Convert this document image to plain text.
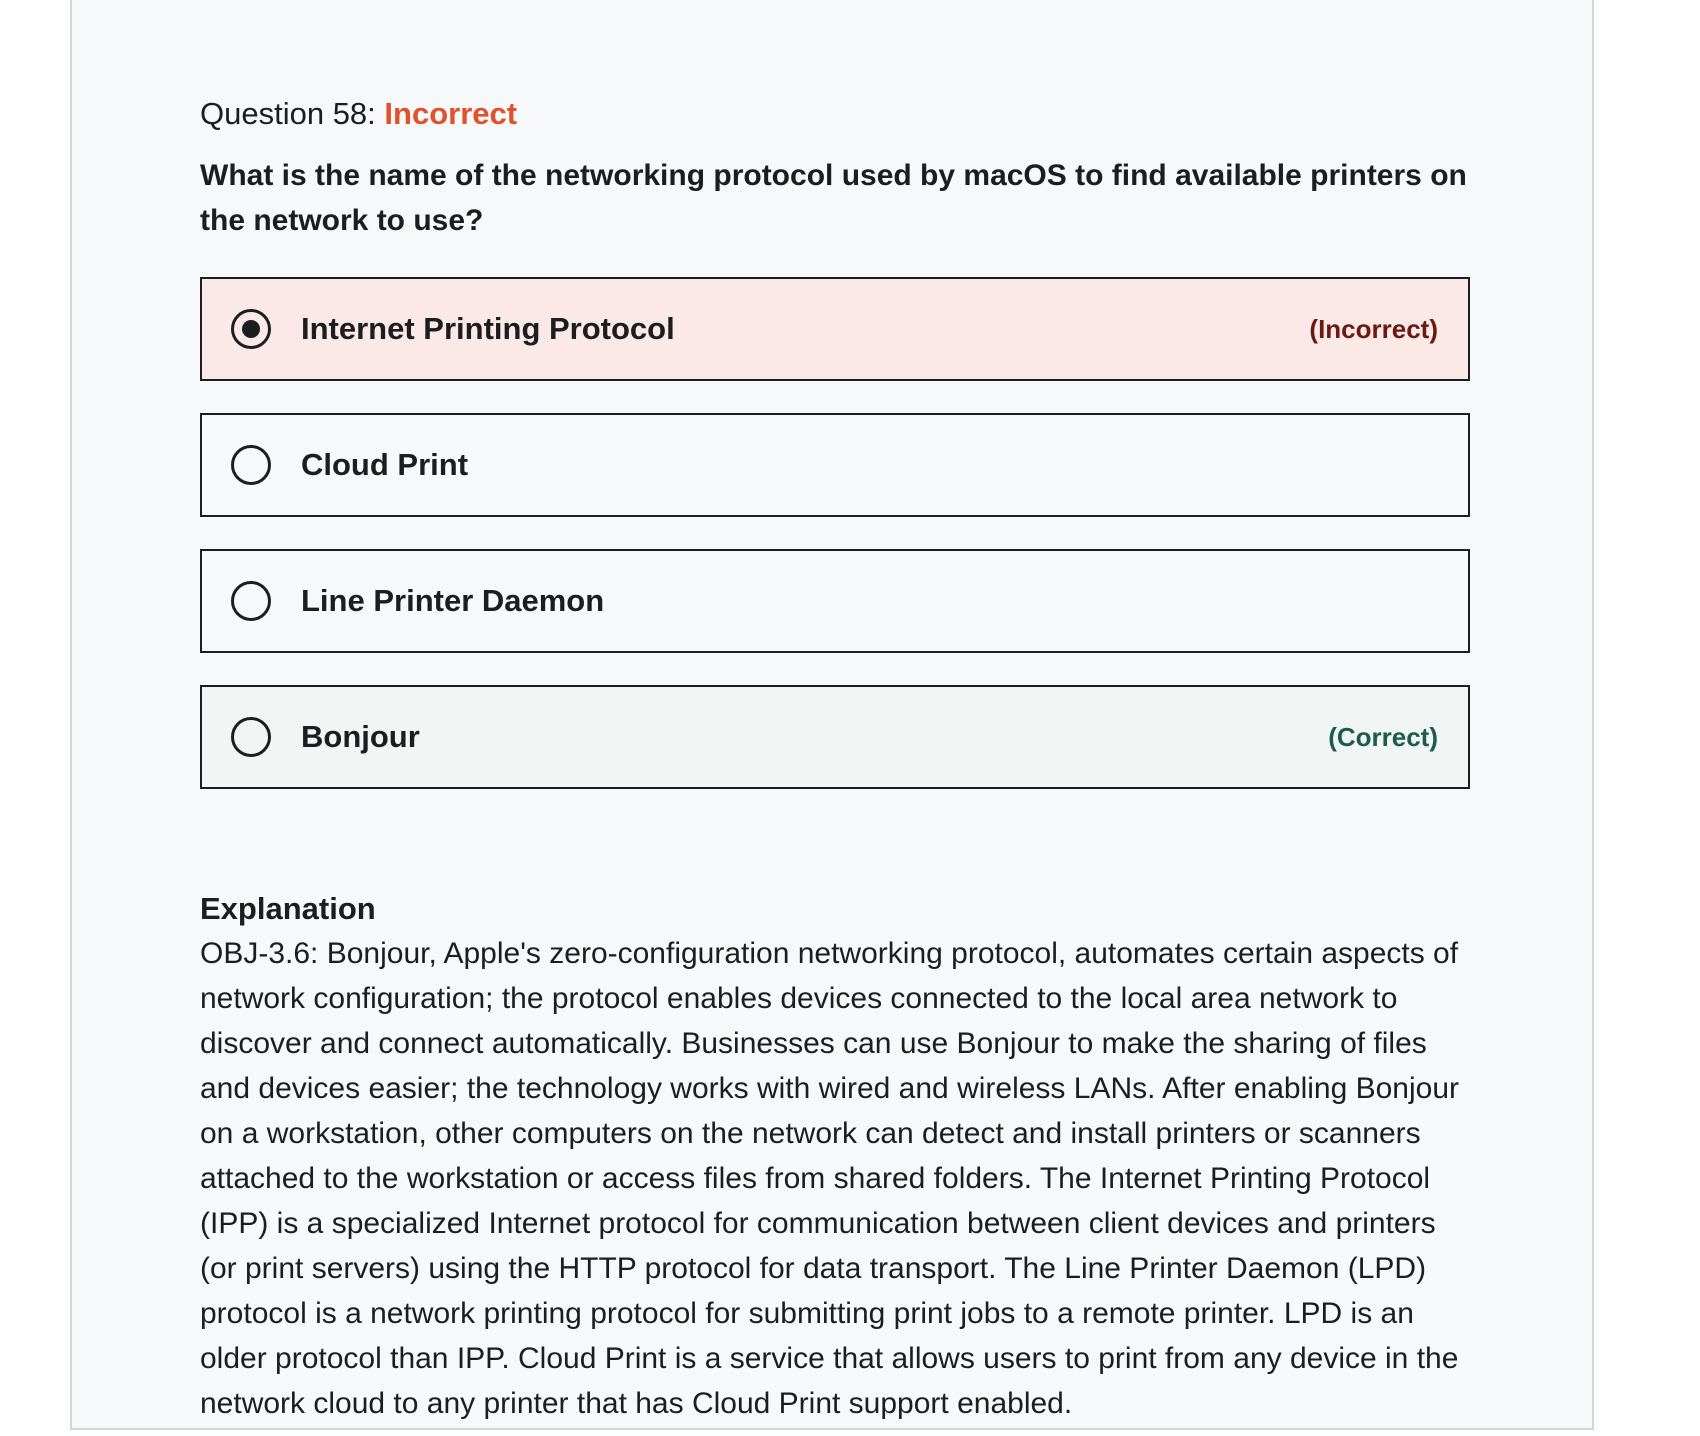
Question 58: Incorrect
What is the name of the networking protocol used by macOS to find available printers on the network to use?
Internet Printing Protocol	(Incorrect)
Cloud Print
Line Printer Daemon
Bonjour	(Correct)
Explanation
OBJ-3.6: Bonjour, Apple's zero-configuration networking protocol, automates certain aspects of network configuration; the protocol enables devices connected to the local area network to discover and connect automatically. Businesses can use Bonjour to make the sharing of files and devices easier; the technology works with wired and wireless LANs. After enabling Bonjour on a workstation, other computers on the network can detect and install printers or scanners attached to the workstation or access files from shared folders. The Internet Printing Protocol (IPP) is a specialized Internet protocol for communication between client devices and printers (or print servers) using the HTTP protocol for data transport. The Line Printer Daemon (LPD) protocol is a network printing protocol for submitting print jobs to a remote printer. LPD is an older protocol than IPP. Cloud Print is a service that allows users to print from any device in the network cloud to any printer that has Cloud Print support enabled.
